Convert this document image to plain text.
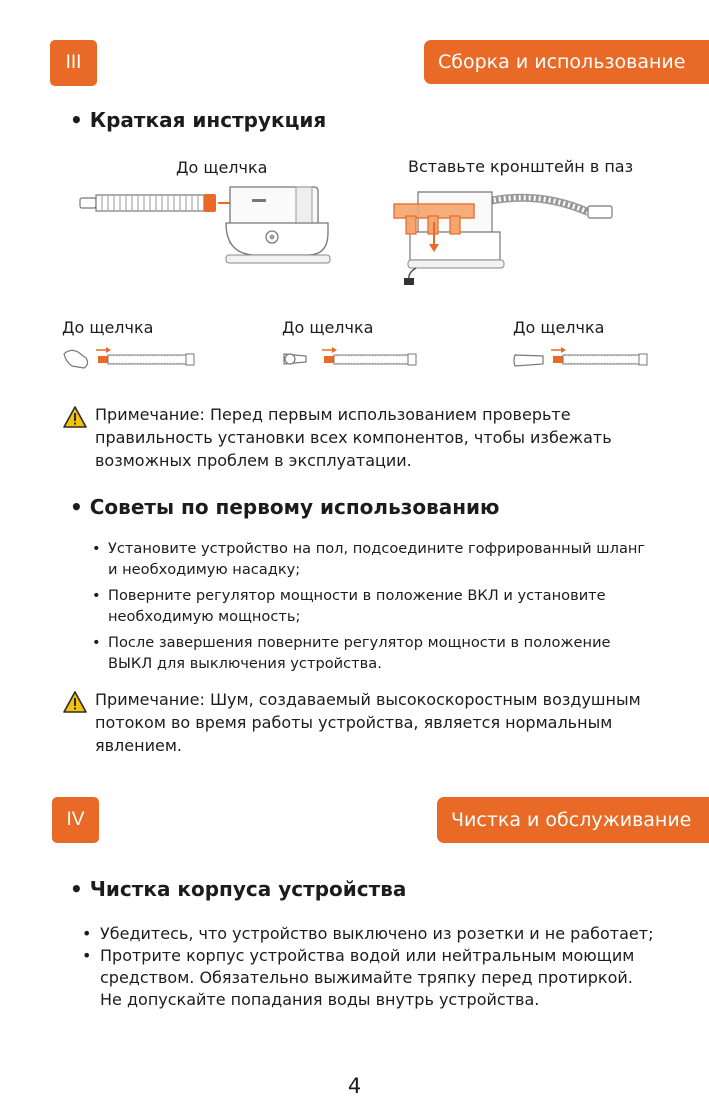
III	Сборка и использование
• Краткая инструкция
До щелчка	Вставьте кронштейн в паз
До щелчка	До щелчка	До щелчка
Примечание: Перед первым использованием проверьте
правильность установки всех компонентов, чтобы избежать
возможных проблем в эксплуатации.
• Советы по первому использованию
• Установите устройство на пол, подсоедините гофрированный шланг
и необходимую насадку;
• Поверните регулятор мощности в положение ВКЛ и установите
необходимую мощность;
• После завершения поверните регулятор мощности в положение
ВЫКЛ для выключения устройства.
Примечание: Шум, создаваемый высокоскоростным воздушным
потоком во время работы устройства, является нормальным
явлением.
IV	Чистка и обслуживание
• Чистка корпуса устройства
• Убедитесь, что устройство выключено из розетки и не работает;
• Протрите корпус устройства водой или нейтральным моющим
средством. Обязательно выжимайте тряпку перед протиркой.
Не допускайте попадания воды внутрь устройства.
4
